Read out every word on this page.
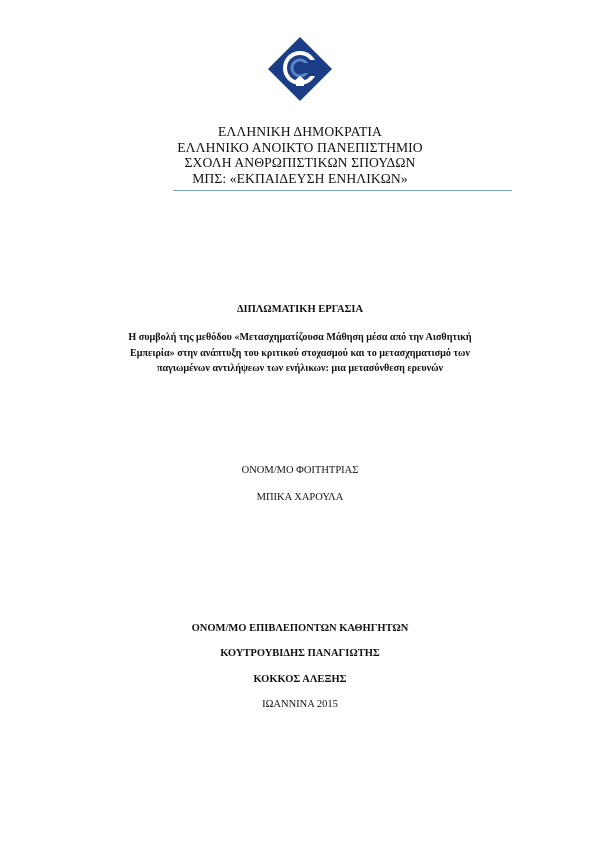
ΕΛΛΗΝΙΚΗ ΔΗΜΟΚΡΑΤΙΑ
ΕΛΛΗΝΙΚΟ ΑΝΟΙΚΤΟ ΠΑΝΕΠΙΣΤΗΜΙΟ
ΣΧΟΛΗ ΑΝΘΡΩΠΙΣΤΙΚΩΝ ΣΠΟΥΔΩΝ
ΜΠΣ: «ΕΚΠΑΙΔΕΥΣΗ ΕΝΗΛΙΚΩΝ»
ΔΙΠΛΩΜΑΤΙΚΗ ΕΡΓΑΣΙΑ
Η συμβολή της μεθόδου «Μετασχηματίζουσα Μάθηση μέσα από την Αισθητική
Εμπειρία» στην ανάπτυξη του κριτικού στοχασμού και το μετασχηματισμό των
παγιωμένων αντιλήψεων των ενήλικων: μια μετασύνθεση ερευνών
ΟΝΟΜ/ΜΟ ΦΟΙΤΗΤΡΙΑΣ
ΜΠΙΚΑ ΧΑΡΟΥΛΑ
ΟΝΟΜ/ΜΟ ΕΠΙΒΛΕΠΟΝΤΩΝ ΚΑΘΗΓΗΤΩΝ
ΚΟΥΤΡΟΥΒΙΔΗΣ ΠΑΝΑΓΙΩΤΗΣ
ΚΟΚΚΟΣ ΑΛΕΞΗΣ
ΙΩΑΝΝΙΝΑ 2015
